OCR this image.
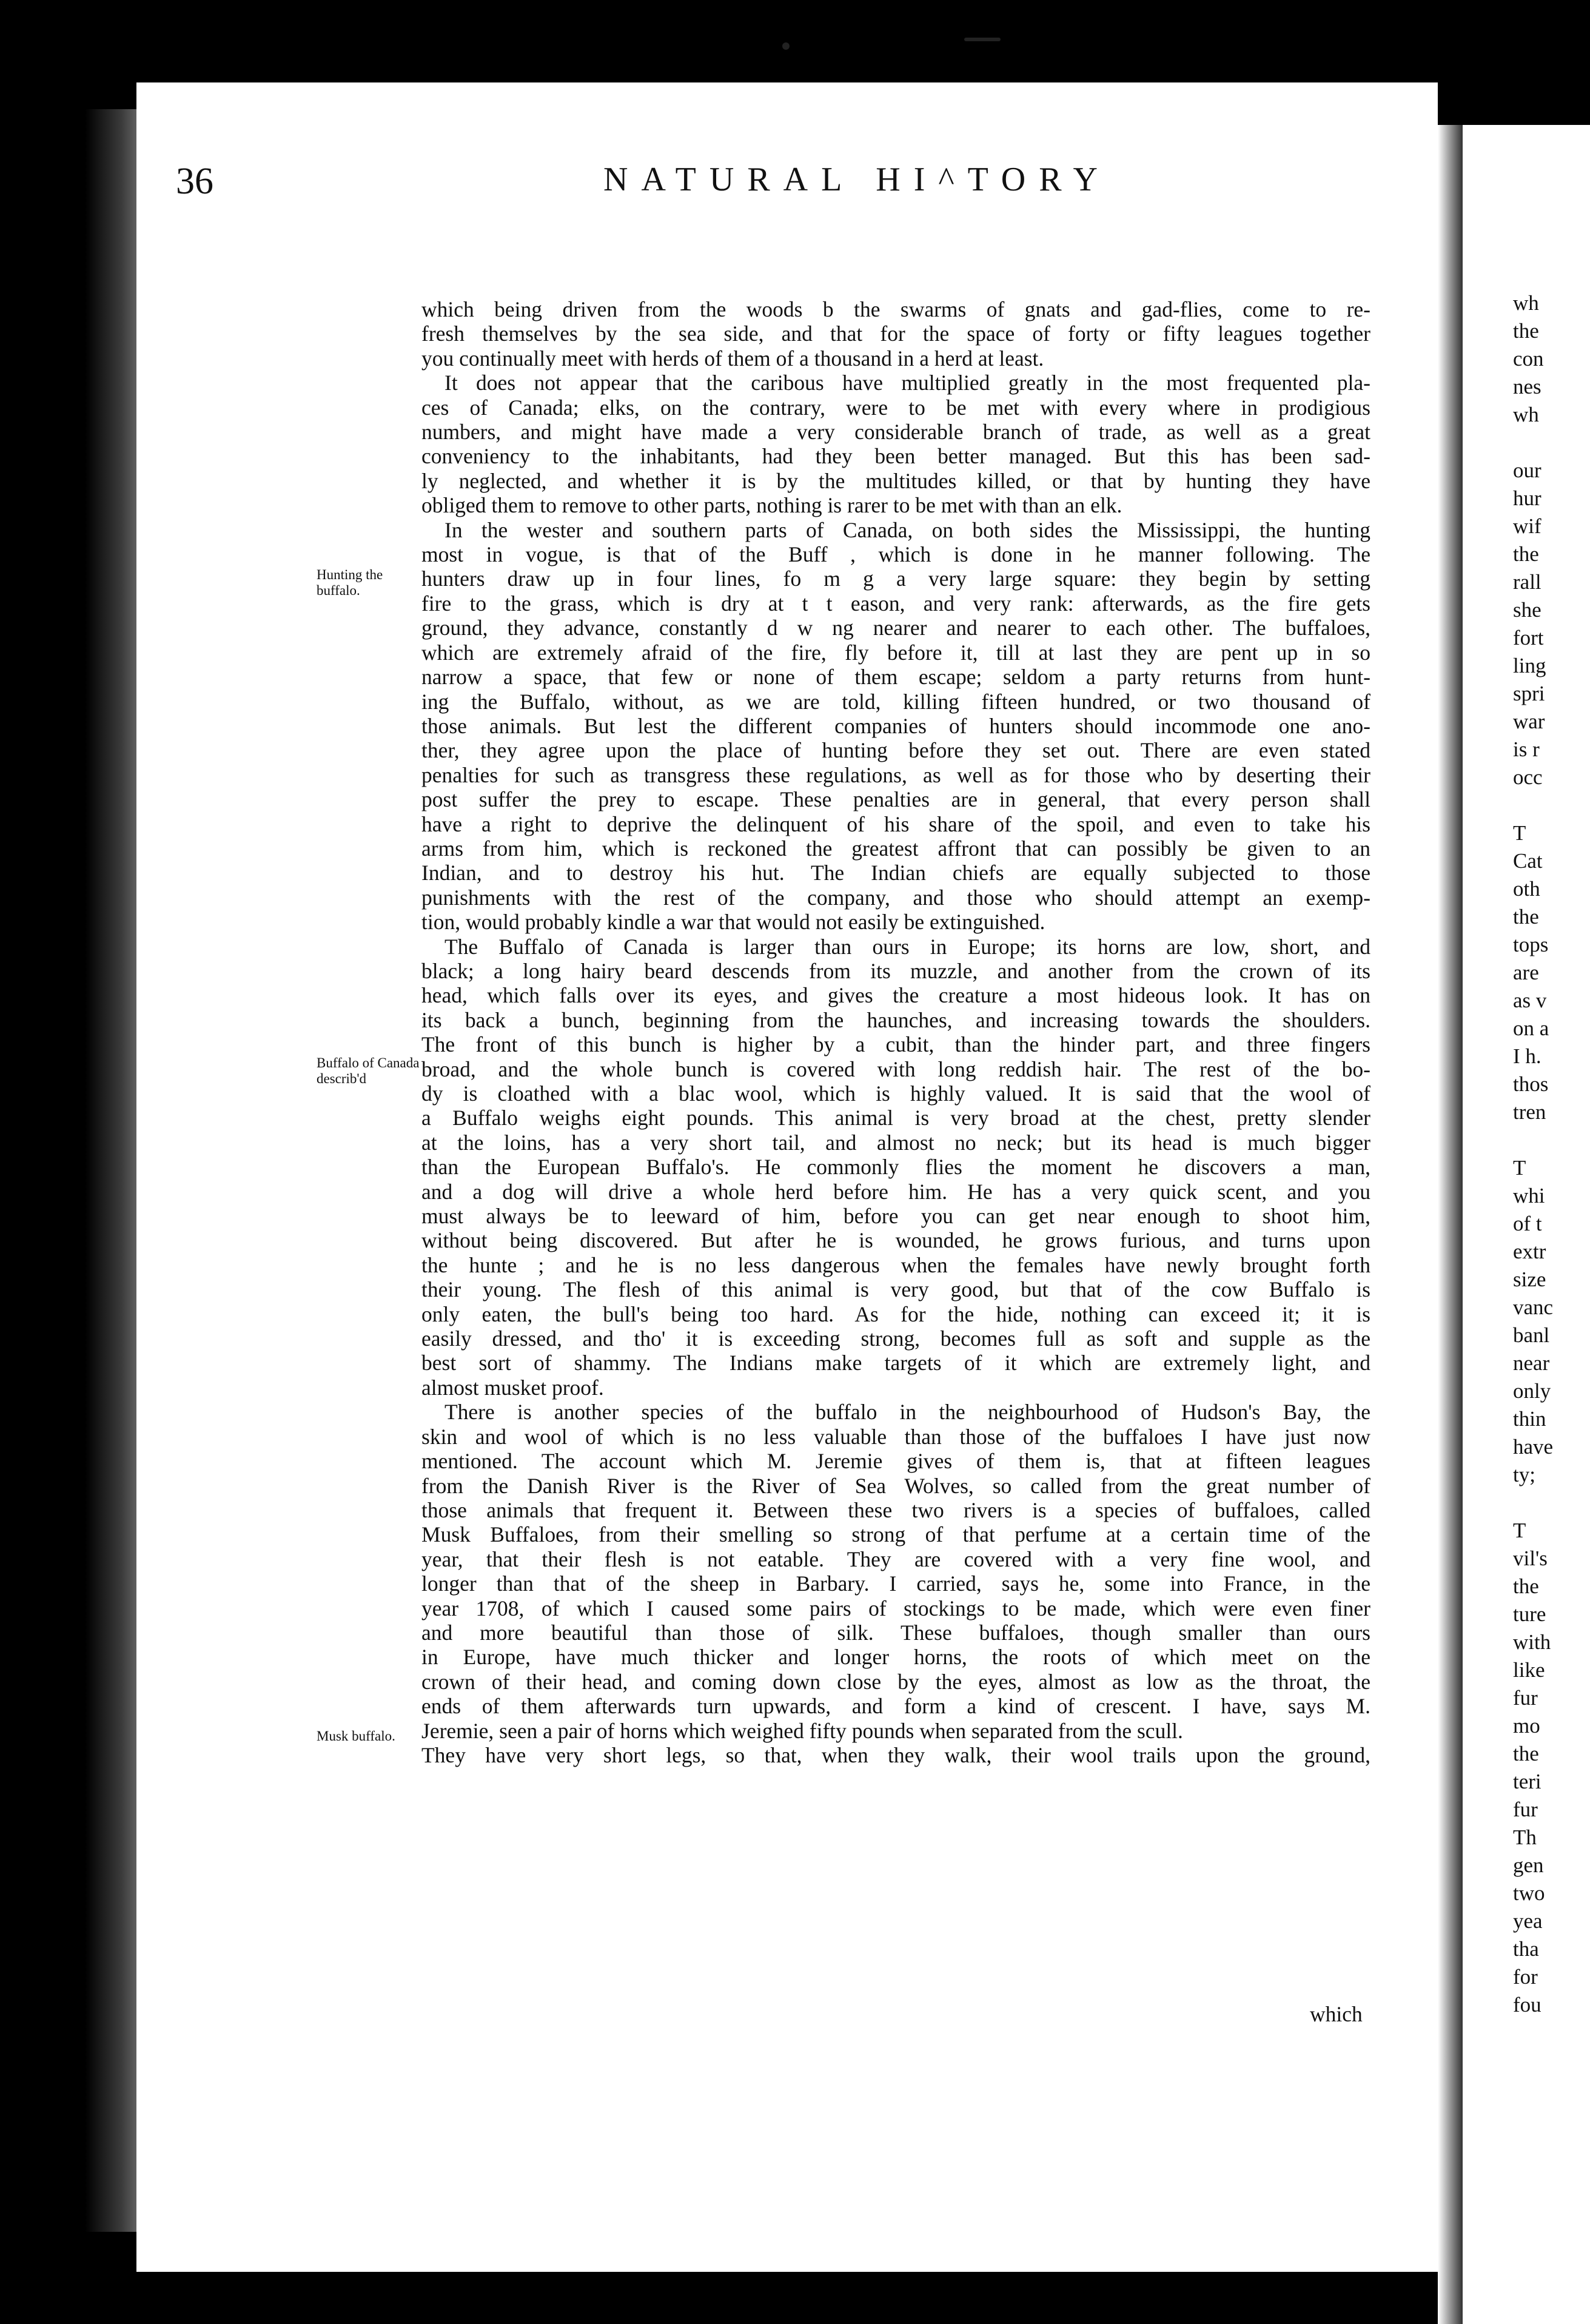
36	NATURAL HI^TORY
Hunting the buffalo.
Buffalo of Canada describ'd
Musk buffalo.
which being driven from the woods b the swarms of gnats and gad-flies, come to re-
fresh themselves by the sea side, and that for the space of forty or fifty leagues together
you continually meet with herds of them of a thousand in a herd at least.
It does not appear that the caribous have multiplied greatly in the most frequented pla-
ces of Canada; elks, on the contrary, were to be met with every where in prodigious
numbers, and might have made a very considerable branch of trade, as well as a great
conveniency to the inhabitants, had they been better managed. But this has been sad-
ly neglected, and whether it is by the multitudes killed, or that by hunting they have
obliged them to remove to other parts, nothing is rarer to be met with than an elk.
In the wester and southern parts of Canada, on both sides the Mississippi, the hunting
most in vogue, is that of the Buff , which is done in he manner following. The
hunters draw up in four lines, fo m g a very large square: they begin by setting
fire to the grass, which is dry at t t eason, and very rank: afterwards, as the fire gets
ground, they advance, constantly d w ng nearer and nearer to each other. The buffaloes,
which are extremely afraid of the fire, fly before it, till at last they are pent up in so
narrow a space, that few or none of them escape; seldom a party returns from hunt-
ing the Buffalo, without, as we are told, killing fifteen hundred, or two thousand of
those animals. But lest the different companies of hunters should incommode one ano-
ther, they agree upon the place of hunting before they set out. There are even stated
penalties for such as transgress these regulations, as well as for those who by deserting their
post suffer the prey to escape. These penalties are in general, that every person shall
have a right to deprive the delinquent of his share of the spoil, and even to take his
arms from him, which is reckoned the greatest affront that can possibly be given to an
Indian, and to destroy his hut. The Indian chiefs are equally subjected to those
punishments with the rest of the company, and those who should attempt an exemp-
tion, would probably kindle a war that would not easily be extinguished.
The Buffalo of Canada is larger than ours in Europe; its horns are low, short, and
black; a long hairy beard descends from its muzzle, and another from the crown of its
head, which falls over its eyes, and gives the creature a most hideous look. It has on
its back a bunch, beginning from the haunches, and increasing towards the shoulders.
The front of this bunch is higher by a cubit, than the hinder part, and three fingers
broad, and the whole bunch is covered with long reddish hair. The rest of the bo-
dy is cloathed with a blac wool, which is highly valued. It is said that the wool of
a Buffalo weighs eight pounds. This animal is very broad at the chest, pretty slender
at the loins, has a very short tail, and almost no neck; but its head is much bigger
than the European Buffalo's. He commonly flies the moment he discovers a man,
and a dog will drive a whole herd before him. He has a very quick scent, and you
must always be to leeward of him, before you can get near enough to shoot him,
without being discovered. But after he is wounded, he grows furious, and turns upon
the hunte ; and he is no less dangerous when the females have newly brought forth
their young. The flesh of this animal is very good, but that of the cow Buffalo is
only eaten, the bull's being too hard. As for the hide, nothing can exceed it; it is
easily dressed, and tho' it is exceeding strong, becomes full as soft and supple as the
best sort of shammy. The Indians make targets of it which are extremely light, and
almost musket proof.
There is another species of the buffalo in the neighbourhood of Hudson's Bay, the
skin and wool of which is no less valuable than those of the buffaloes I have just now
mentioned. The account which M. Jeremie gives of them is, that at fifteen leagues
from the Danish River is the River of Sea Wolves, so called from the great number of
those animals that frequent it. Between these two rivers is a species of buffaloes, called
Musk Buffaloes, from their smelling so strong of that perfume at a certain time of the
year, that their flesh is not eatable. They are covered with a very fine wool, and
longer than that of the sheep in Barbary. I carried, says he, some into France, in the
year 1708, of which I caused some pairs of stockings to be made, which were even finer
and more beautiful than those of silk. These buffaloes, though smaller than ours
in Europe, have much thicker and longer horns, the roots of which meet on the
crown of their head, and coming down close by the eyes, almost as low as the throat, the
ends of them afterwards turn upwards, and form a kind of crescent. I have, says M.
Jeremie, seen a pair of horns which weighed fifty pounds when separated from the scull.
They have very short legs, so that, when they walk, their wool trails upon the ground,
which
wh
the
con
nes
wh
our
hur
wif
the
rall
she
fort
ling
spri
war
is r
occ
T
Cat
oth
the
tops
are
as v
on a
I h.
thos
tren
T
whi
of t
extr
size
vanc
banl
near
only
thin
have
ty;
T
vil's
the
ture
with
like
fur
mo
the
teri
fur
Th
gen
two
yea
tha
for
fou
